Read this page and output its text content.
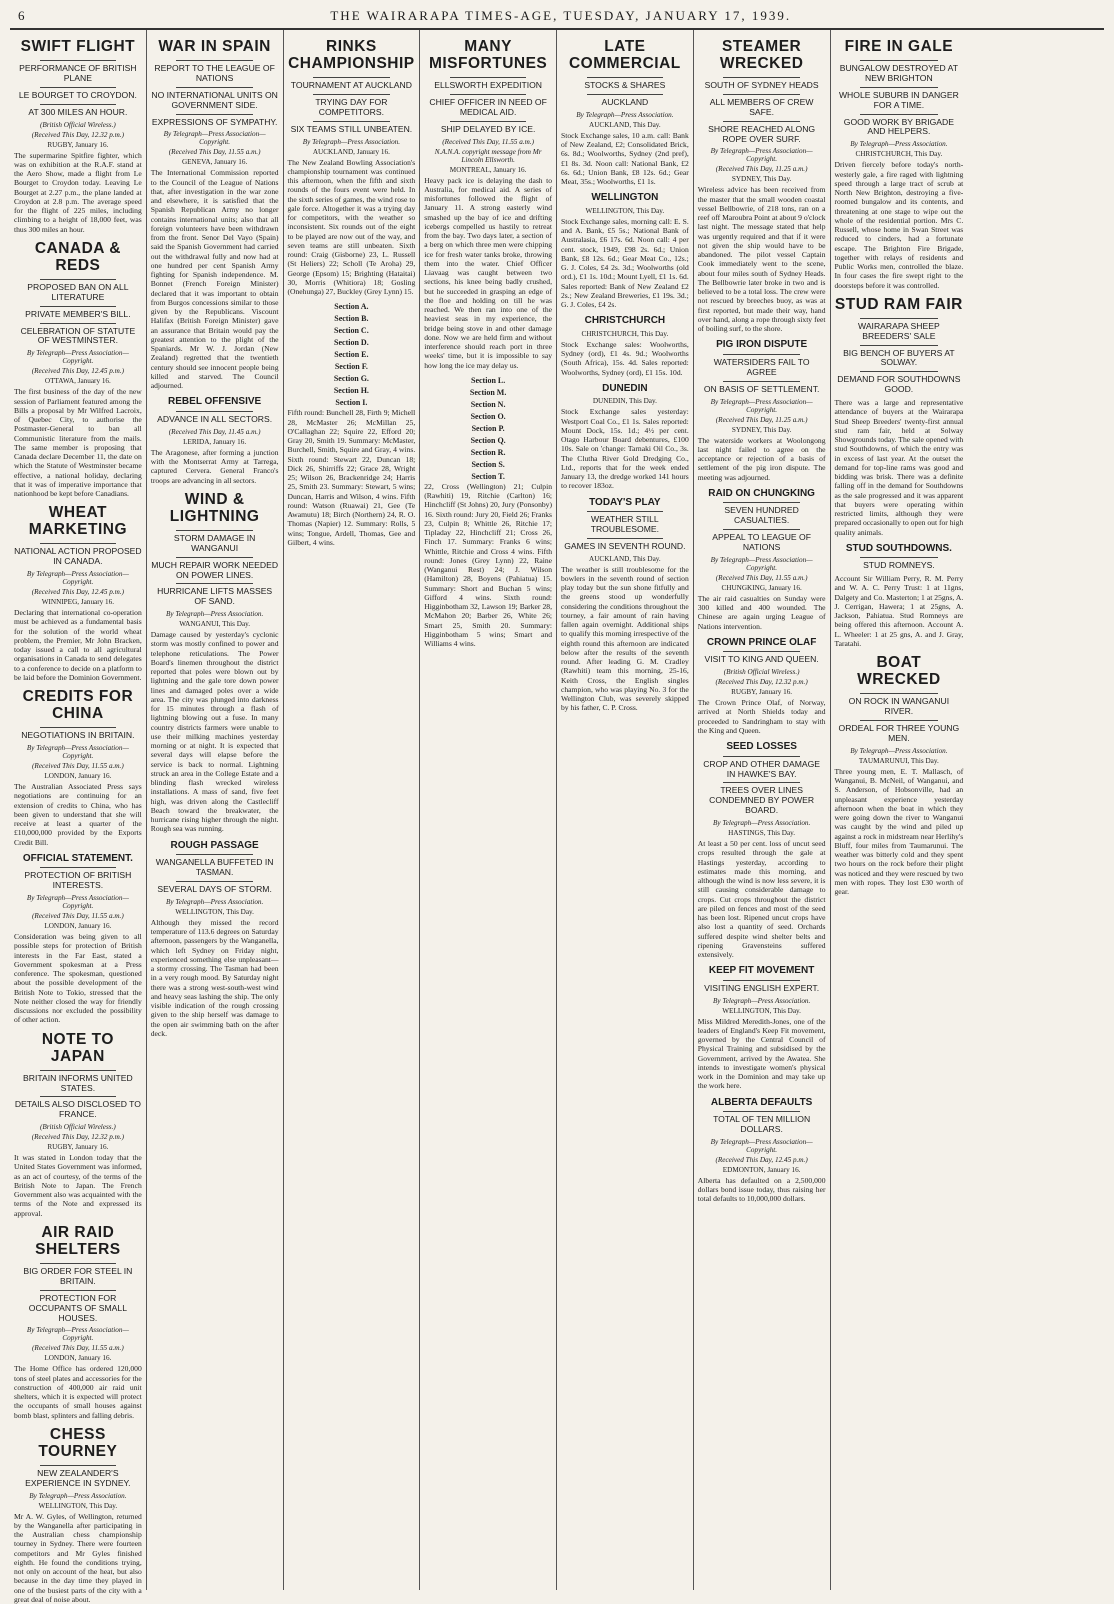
6	THE WAIRARAPA TIMES-AGE, TUESDAY, JANUARY 17, 1939.
SWIFT FLIGHT
PERFORMANCE OF BRITISH PLANE
LE BOURGET TO CROYDON.
AT 300 MILES AN HOUR.
(British Official Wireless.)
(Received This Day, 12.32 p.m.)
RUGBY, January 16.

The supermarine Spitfire fighter, which was on exhibition at the R.A.F. stand at the Aero Show, made a flight from Le Bourget to Croydon today. Leaving Le Bourget at 2.27 p.m., the plane landed at Croydon at 2.8 p.m. The average speed for the flight of 225 miles, including climbing to a height of 18,000 feet, was thus 300 miles an hour.

CANADA & REDS
PROPOSED BAN ON ALL LITERATURE
PRIVATE MEMBER'S BILL.
CELEBRATION OF STATUTE OF WESTMINSTER.
By Telegraph—Press Association—Copyright.
(Received This Day, 12.45 p.m.)
OTTAWA, January 16.

The first business of the day of the new session of Parliament featured among the Bills a proposal by Mr Wilfred Lacroix, of Quebec City, to authorise the Postmaster-General to ban all Communistic literature from the mails. The same member is proposing that Canada declare December 11, the date on which the Statute of Westminster became effective, a national holiday, declaring that it was of imperative importance that nationhood be kept before Canadians.

WHEAT MARKETING
NATIONAL ACTION PROPOSED IN CANADA.
By Telegraph—Press Association—Copyright.
(Received This Day, 12.45 p.m.)
WINNIPEG, January 16.

Declaring that international co-operation must be achieved as a fundamental basis for the solution of the world wheat problem, the Premier, Mr John Bracken, today issued a call to all agricultural organisations in Canada to send delegates to a conference to decide on a platform to be laid before the Dominion Government.

CREDITS FOR CHINA
NEGOTIATIONS IN BRITAIN.
By Telegraph—Press Association—Copyright.
(Received This Day, 11.55 a.m.)
LONDON, January 16.

The Australian Associated Press says negotiations are continuing for an extension of credits to China, who has been given to understand that she will receive at least a quarter of the £10,000,000 provided by the Exports Credit Bill.

OFFICIAL STATEMENT.
PROTECTION OF BRITISH INTERESTS.
By Telegraph—Press Association—Copyright.
(Received This Day, 11.55 a.m.)
LONDON, January 16.

Consideration was being given to all possible steps for protection of British interests in the Far East, stated a Government spokesman at a Press conference. The spokesman, questioned about the possible development of the British Note to Tokio, stressed that the Note neither closed the way for friendly discussions nor excluded the possibility of other action.

NOTE TO JAPAN
BRITAIN INFORMS UNITED STATES.
DETAILS ALSO DISCLOSED TO FRANCE.
(British Official Wireless.)
(Received This Day, 12.32 p.m.)
RUGBY, January 16.

It was stated in London today that the United States Government was informed, as an act of courtesy, of the terms of the British Note to Japan. The French Government also was acquainted with the terms of the Note and expressed its approval.

AIR RAID SHELTERS
BIG ORDER FOR STEEL IN BRITAIN.
PROTECTION FOR OCCUPANTS OF SMALL HOUSES.
By Telegraph—Press Association—Copyright.
(Received This Day, 11.55 a.m.)
LONDON, January 16.

The Home Office has ordered 120,000 tons of steel plates and accessories for the construction of 400,000 air raid unit shelters, which it is expected will protect the occupants of small houses against bomb blast, splinters and falling debris.

CHESS TOURNEY
NEW ZEALANDER'S EXPERIENCE IN SYDNEY.
By Telegraph—Press Association.
WELLINGTON, This Day.

Mr A. W. Gyles, of Wellington, returned by the Wanganella after participating in the Australian chess championship tourney in Sydney. There were fourteen competitors and Mr Gyles finished eighth. He found the conditions trying, not only on account of the heat, but also because in the day time they played in one of the busiest parts of the city with a great deal of noise about.

WAR IN SPAIN
REPORT TO THE LEAGUE OF NATIONS
NO INTERNATIONAL UNITS ON GOVERNMENT SIDE.
EXPRESSIONS OF SYMPATHY.
By Telegraph—Press Association—Copyright.
(Received This Day, 11.55 a.m.)
GENEVA, January 16.

The International Commission reported to the Council of the League of Nations that, after investigation in the war zone and elsewhere, it is satisfied that the Spanish Republican Army no longer contains international units; also that all foreign volunteers have been withdrawn from the front. Senor Del Vayo (Spain) said the Spanish Government had carried out the withdrawal fully and now had at one hundred per cent Spanish Army fighting for Spanish independence. M. Bonnet (French Foreign Minister) declared that it was important to obtain from Burgos concessions similar to those given by the Republicans. Viscount Halifax (British Foreign Minister) gave an assurance that Britain would pay the greatest attention to the plight of the Spaniards. Mr W. J. Jordan (New Zealand) regretted that the twentieth century should see innocent people being killed and starved. The Council adjourned.

REBEL OFFENSIVE
ADVANCE IN ALL SECTORS.
(Received This Day, 11.45 a.m.)
LERIDA, January 16.

The Aragonese, after forming a junction with the Montserrat Army at Tarrega, captured Cervera. General Franco's troops are advancing in all sectors.

WIND & LIGHTNING
STORM DAMAGE IN WANGANUI
MUCH REPAIR WORK NEEDED ON POWER LINES.
HURRICANE LIFTS MASSES OF SAND.
By Telegraph—Press Association.
WANGANUI, This Day.

Damage caused by yesterday's cyclonic storm was mostly confined to power and telephone reticulations. The Power Board's linemen throughout the district reported that poles were blown out by lightning and the gale tore down power lines and damaged poles over a wide area. The city was plunged into darkness for 15 minutes through a flash of lightning blowing out a fuse. In many country districts farmers were unable to use their milking machines yesterday morning or at night. It is expected that several days will elapse before the service is back to normal. Lightning struck an area in the College Estate and a blinding flash wrecked wireless installations. A mass of sand, five feet high, was driven along the Castlecliff Beach toward the breakwater, the hurricane rising higher through the night. Rough sea was running.

ROUGH PASSAGE
WANGANELLA BUFFETED IN TASMAN.
SEVERAL DAYS OF STORM.
By Telegraph—Press Association.
WELLINGTON, This Day.

Although they missed the record temperature of 113.6 degrees on Saturday afternoon, passengers by the Wanganella, which left Sydney on Friday night, experienced something else unpleasant—a stormy crossing. The Tasman had been in a very rough mood. By Saturday night there was a strong west-south-west wind and heavy seas lashing the ship. The only visible indication of the rough crossing given to the ship herself was damage to the open air swimming bath on the after deck.

RINKS CHAMPIONSHIP
TOURNAMENT AT AUCKLAND
TRYING DAY FOR COMPETITORS.
SIX TEAMS STILL UNBEATEN.
By Telegraph—Press Association.
AUCKLAND, January 16.

The New Zealand Bowling Association's championship tournament was continued this afternoon, when the fifth and sixth rounds of the fours event were held. In the sixth series of games, the wind rose to gale force. Altogether it was a trying day for competitors, with the weather so inconsistent. Six rounds out of the eight to be played are now out of the way, and seven teams are still unbeaten. Sixth round: Craig (Gisborne) 23, L. Russell (St Heliers) 22; Scholl (Te Aroha) 29, George (Epsom) 15; Brighting (Hataitai) 30, Morris (Whitiora) 18; Gosling (Onehunga) 27, Buckley (Grey Lynn) 15.

Section A.
Section B.
Section C.
Section D.
Section E.
Section F.
Section G.
Section H.
Section I.

Fifth round: Bunchell 28, Firth 9; Michell 28, McMaster 26; McMillan 25, O'Callaghan 22; Squire 22, Efford 20; Gray 20, Smith 19. Summary: McMaster, Burchell, Smith, Squire and Gray, 4 wins. Sixth round: Stewart 22, Duncan 18; Dick 26, Shirriffs 22; Grace 28, Wright 25; Wilson 26, Brackenridge 24; Harris 25, Smith 23. Summary: Stewart, 5 wins; Duncan, Harris and Wilson, 4 wins. Fifth round: Watson (Ruawai) 21, Gee (Te Awamutu) 18; Birch (Northern) 24, R. O. Thomas (Napier) 12. Summary: Rolls, 5 wins; Tongue, Ardell, Thomas, Gee and Gilbert, 4 wins.

MANY MISFORTUNES
ELLSWORTH EXPEDITION
CHIEF OFFICER IN NEED OF MEDICAL AID.
SHIP DELAYED BY ICE.
(Received This Day, 11.55 a.m.)
N.A.N.A. copyright message from Mr Lincoln Ellsworth.
MONTREAL, January 16.

Heavy pack ice is delaying the dash to Australia, for medical aid. A series of misfortunes followed the flight of January 11. A strong easterly wind smashed up the bay of ice and drifting icebergs compelled us hastily to retreat from the bay. Two days later, a section of a berg on which three men were chipping ice for fresh water tanks broke, throwing them into the water. Chief Officer Liavaag was caught between two sections, his knee being badly crushed, but he succeeded in grasping an edge of the floe and holding on till he was reached. We then ran into one of the heaviest seas in my experience, the bridge being stove in and other damage done. Now we are held firm and without interference should reach port in three weeks' time, but it is impossible to say how long the ice may delay us.

Section L.
Section M.
Section N.
Section O.
Section P.
Section Q.
Section R.
Section S.
Section T.

22, Cross (Wellington) 21; Culpin (Rawhiti) 19, Ritchie (Carlton) 16; Hinchcliff (St Johns) 20, Jury (Ponsonby) 16. Sixth round: Jury 20, Field 26; Franks 23, Culpin 8; Whittle 26, Ritchie 17; Tipladay 22, Hinchcliff 21; Cross 26, Finch 17. Summary: Franks 6 wins; Whittle, Ritchie and Cross 4 wins. Fifth round: Jones (Grey Lynn) 22, Raine (Wanganui Rest) 24; J. Wilson (Hamilton) 28, Boyens (Pahiatua) 15. Summary: Short and Buchan 5 wins; Gifford 4 wins. Sixth round: Higginbotham 32, Lawson 19; Barker 28, McMahon 20; Barber 26, White 26; Smart 25, Smith 20. Summary: Higginbotham 5 wins; Smart and Williams 4 wins.

LATE COMMERCIAL
STOCKS & SHARES
AUCKLAND
By Telegraph—Press Association.
AUCKLAND, This Day.

Stock Exchange sales, 10 a.m. call: Bank of New Zealand, £2; Consolidated Brick, 6s. 8d.; Woolworths, Sydney (2nd pref), £1 8s. 3d. Noon call: National Bank, £2 6s. 6d.; Union Bank, £8 12s. 6d.; Gear Meat, 35s.; Woolworths, £1 1s.

WELLINGTON
WELLINGTON, This Day.

Stock Exchange sales, morning call: E. S. and A. Bank, £5 5s.; National Bank of Australasia, £6 17s. 6d. Noon call: 4 per cent. stock, 1949, £98 2s. 6d.; Union Bank, £8 12s. 6d.; Gear Meat Co., 12s.; G. J. Coles, £4 2s. 3d.; Woolworths (old ord.), £1 1s. 10d.; Mount Lyell, £1 1s. 6d. Sales reported: Bank of New Zealand £2 2s.; New Zealand Breweries, £1 19s. 3d.; G. J. Coles, £4 2s.

CHRISTCHURCH
CHRISTCHURCH, This Day.

Stock Exchange sales: Woolworths, Sydney (ord), £1 4s. 9d.; Woolworths (South Africa), 15s. 4d. Sales reported: Woolworths, Sydney (ord), £1 15s. 10d.

DUNEDIN
DUNEDIN, This Day.

Stock Exchange sales yesterday: Westport Coal Co., £1 1s. Sales reported: Mount Dock, 15s. 1d.; 4½ per cent. Otago Harbour Board debentures, £100 10s. Sale on 'change: Tarnaki Oil Co., 3s. The Clutha River Gold Dredging Co., Ltd., reports that for the week ended January 13, the dredge worked 141 hours to recover 183oz.

TODAY'S PLAY
WEATHER STILL TROUBLESOME.
GAMES IN SEVENTH ROUND.
AUCKLAND, This Day.

The weather is still troublesome for the bowlers in the seventh round of section play today but the sun shone fitfully and the greens stood up wonderfully considering the conditions throughout the tourney, a fair amount of rain having fallen again overnight. Additional ships to qualify this morning irrespective of the eighth round this afternoon are indicated below after the results of the seventh round. After leading G. M. Cradley (Rawhiti) team this morning, 25-16, Keith Cross, the English singles champion, who was playing No. 3 for the Wellington Club, was severely skipped by his father, C. P. Cross.

STEAMER WRECKED
SOUTH OF SYDNEY HEADS
ALL MEMBERS OF CREW SAFE.
SHORE REACHED ALONG ROPE OVER SURF.
By Telegraph—Press Association—Copyright.
(Received This Day, 11.25 a.m.)
SYDNEY, This Day.

Wireless advice has been received from the master that the small wooden coastal vessel Bellbowrie, of 218 tons, ran on a reef off Maroubra Point at about 9 o'clock last night. The message stated that help was urgently required and that if it were not given the ship would have to be abandoned. The pilot vessel Captain Cook immediately went to the scene, about four miles south of Sydney Heads. The Bellbowrie later broke in two and is believed to be a total loss. The crew were not rescued by breeches buoy, as was at first reported, but made their way, hand over hand, along a rope through sixty feet of boiling surf, to the shore.

PIG IRON DISPUTE
WATERSIDERS FAIL TO AGREE
ON BASIS OF SETTLEMENT.
By Telegraph—Press Association—Copyright.
(Received This Day, 11.25 a.m.)
SYDNEY, This Day.

The waterside workers at Woolongong last night failed to agree on the acceptance or rejection of a basis of settlement of the pig iron dispute. The meeting was adjourned.

RAID ON CHUNGKING
SEVEN HUNDRED CASUALTIES.
APPEAL TO LEAGUE OF NATIONS
By Telegraph—Press Association—Copyright.
(Received This Day, 11.55 a.m.)
CHUNGKING, January 16.

The air raid casualties on Sunday were 300 killed and 400 wounded. The Chinese are again urging League of Nations intervention.

CROWN PRINCE OLAF
VISIT TO KING AND QUEEN.
(British Official Wireless.)
(Received This Day, 12.32 p.m.)
RUGBY, January 16.

The Crown Prince Olaf, of Norway, arrived at North Shields today and proceeded to Sandringham to stay with the King and Queen.

SEED LOSSES
CROP AND OTHER DAMAGE IN HAWKE'S BAY.
TREES OVER LINES CONDEMNED BY POWER BOARD.
By Telegraph—Press Association.
HASTINGS, This Day.

At least a 50 per cent. loss of uncut seed crops resulted through the gale at Hastings yesterday, according to estimates made this morning, and although the wind is now less severe, it is still causing considerable damage to crops. Cut crops throughout the district are piled on fences and most of the seed has been lost. Ripened uncut crops have also lost a quantity of seed. Orchards suffered despite wind shelter belts and ripening Gravensteins suffered extensively.

KEEP FIT MOVEMENT
VISITING ENGLISH EXPERT.
By Telegraph—Press Association.
WELLINGTON, This Day.

Miss Mildred Meredith-Jones, one of the leaders of England's Keep Fit movement, governed by the Central Council of Physical Training and subsidised by the Government, arrived by the Awatea. She intends to investigate women's physical work in the Dominion and may take up the work here.

ALBERTA DEFAULTS
TOTAL OF TEN MILLION DOLLARS.
By Telegraph—Press Association—Copyright.
(Received This Day, 12.45 p.m.)
EDMONTON, January 16.

Alberta has defaulted on a 2,500,000 dollars bond issue today, thus raising her total defaults to 10,000,000 dollars.

FIRE IN GALE
BUNGALOW DESTROYED AT NEW BRIGHTON
WHOLE SUBURB IN DANGER FOR A TIME.
GOOD WORK BY BRIGADE AND HELPERS.
By Telegraph—Press Association.
CHRISTCHURCH, This Day.

Driven fiercely before today's north-westerly gale, a fire raged with lightning speed through a large tract of scrub at North New Brighton, destroying a five-roomed bungalow and its contents, and threatening at one stage to wipe out the whole of the residential portion. Mrs C. Russell, whose home in Swan Street was reduced to cinders, had a fortunate escape. The Brighton Fire Brigade, together with relays of residents and Public Works men, controlled the blaze. In four cases the fire swept right to the doorsteps before it was controlled.

STUD RAM FAIR
WAIRARAPA SHEEP BREEDERS' SALE
BIG BENCH OF BUYERS AT SOLWAY.
DEMAND FOR SOUTHDOWNS GOOD.

There was a large and representative attendance of buyers at the Wairarapa Stud Sheep Breeders' twenty-first annual stud ram fair, held at Solway Showgrounds today. The sale opened with stud Southdowns, of which the entry was in excess of last year. At the outset the demand for top-line rams was good and bidding was brisk. There was a definite falling off in the demand for Southdowns as the sale progressed and it was apparent that buyers were operating within restricted limits, although they were prepared occasionally to open out for high quality animals.

STUD SOUTHDOWNS.
STUD ROMNEYS.

Account Sir William Perry, R. M. Perry and W. A. C. Perry Trust: 1 at 11gns, Dalgety and Co. Masterton; 1 at 25gns, A. J. Cerrigan, Hawera; 1 at 25gns, A. Jackson, Pahiatua. Stud Romneys are being offered this afternoon. Account A. L. Wheeler: 1 at 25 gns, A. and J. Gray, Taratahi.

BOAT WRECKED
ON ROCK IN WANGANUI RIVER.
ORDEAL FOR THREE YOUNG MEN.
By Telegraph—Press Association.
TAUMARUNUI, This Day.

Three young men, E. T. Mallasch, of Wanganui, B. McNeil, of Wanganui, and S. Anderson, of Hobsonville, had an unpleasant experience yesterday afternoon when the boat in which they were going down the river to Wanganui was caught by the wind and piled up against a rock in midstream near Herlihy's Bluff, four miles from Taumarunui. The weather was bitterly cold and they spent two hours on the rock before their plight was noticed and they were rescued by two men with ropes. They lost £30 worth of gear.
